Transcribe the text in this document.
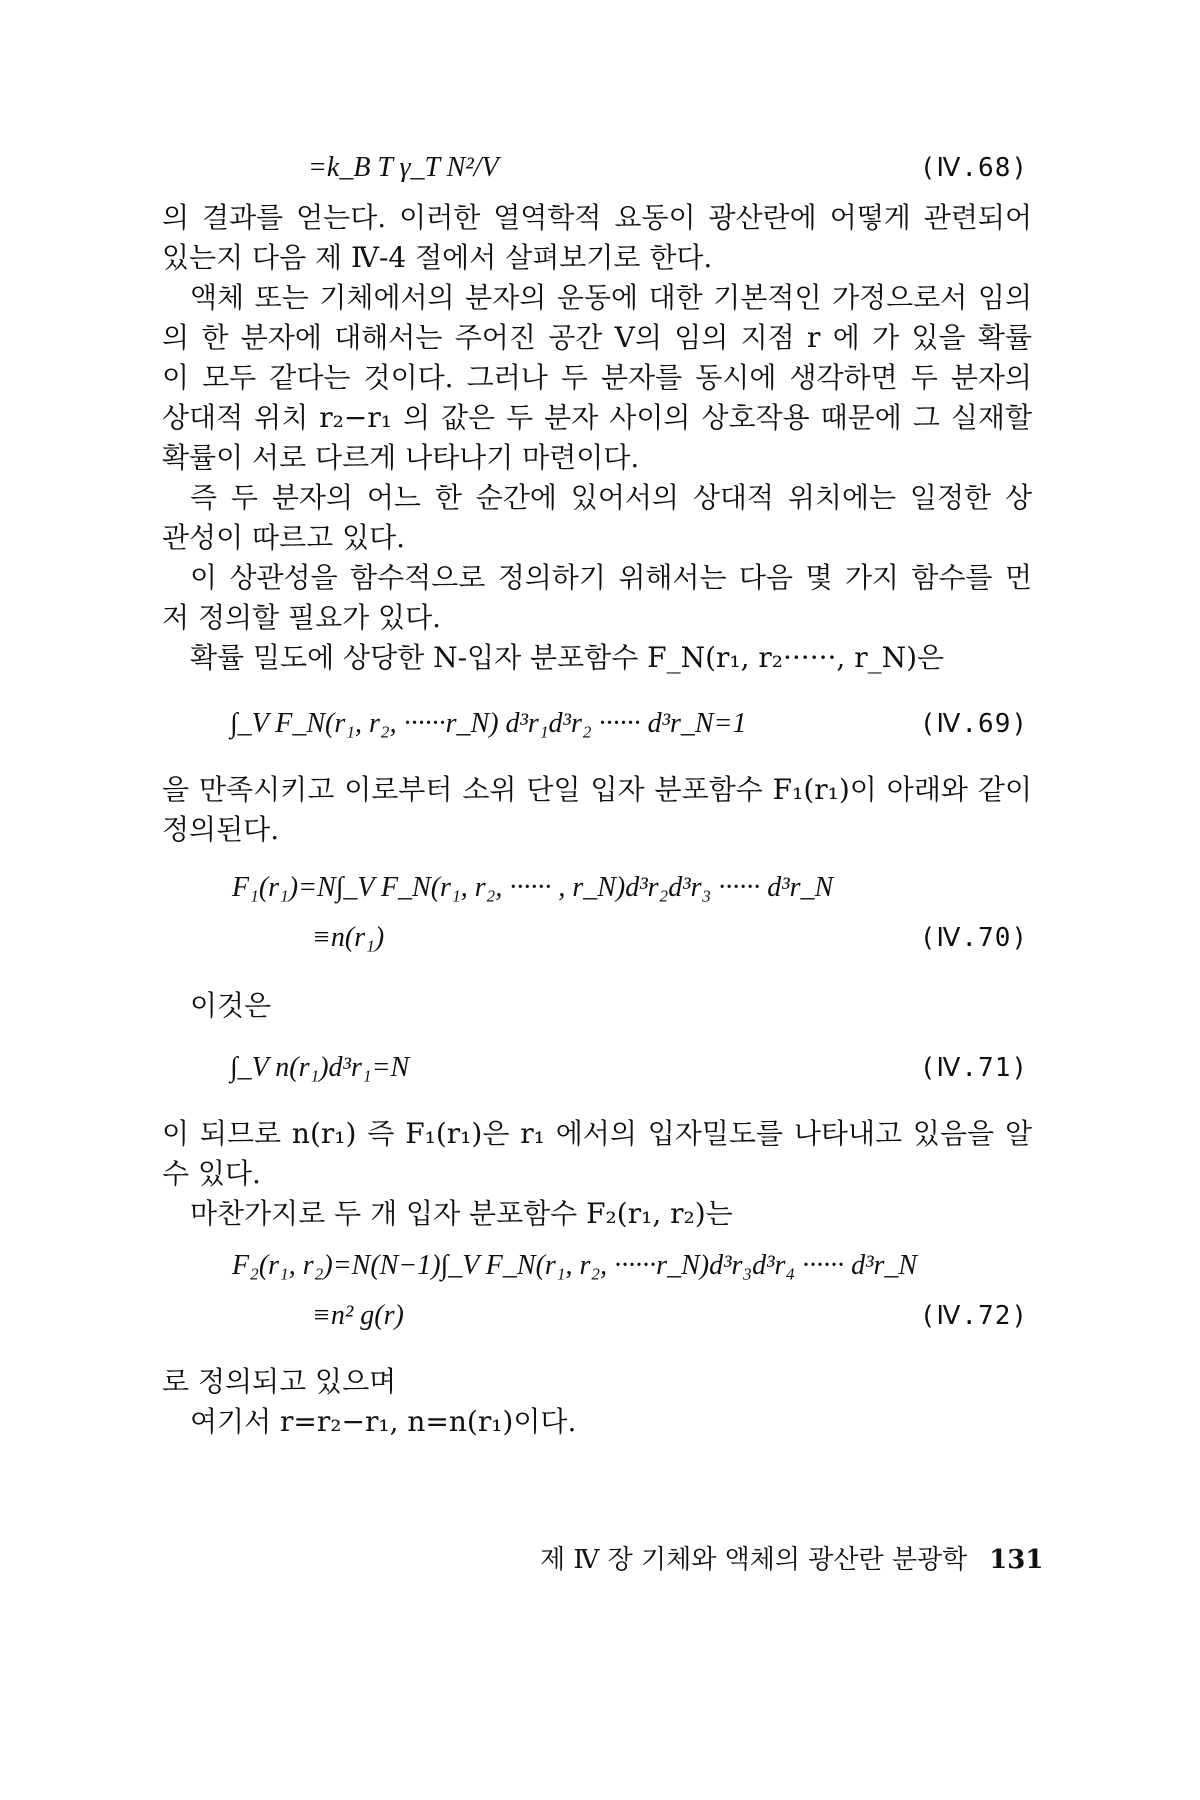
=k_B T γ_T N²/V	(Ⅳ.68)
의 결과를 얻는다. 이러한 열역학적 요동이 광산란에 어떻게 관련되어
있는지 다음 제 Ⅳ-4 절에서 살펴보기로 한다.
액체 또는 기체에서의 분자의 운동에 대한 기본적인 가정으로서 임의
의 한 분자에 대해서는 주어진 공간 V의 임의 지점 r 에 가 있을 확률
이 모두 같다는 것이다. 그러나 두 분자를 동시에 생각하면 두 분자의
상대적 위치 r₂−r₁ 의 값은 두 분자 사이의 상호작용 때문에 그 실재할
확률이 서로 다르게 나타나기 마련이다.
즉 두 분자의 어느 한 순간에 있어서의 상대적 위치에는 일정한 상
관성이 따르고 있다.
이 상관성을 함수적으로 정의하기 위해서는 다음 몇 가지 함수를 먼
저 정의할 필요가 있다.
확률 밀도에 상당한 N-입자 분포함수 F_N(r₁, r₂······, r_N)은
∫_V F_N(r₁, r₂, ······r_N) d³r₁d³r₂ ······ d³r_N=1	(Ⅳ.69)
을 만족시키고 이로부터 소위 단일 입자 분포함수 F₁(r₁)이 아래와 같이
정의된다.
F₁(r₁)=N∫_V F_N(r₁, r₂, ······ , r_N)d³r₂d³r₃ ······ d³r_N
≡n(r₁)	(Ⅳ.70)
이것은
∫_V n(r₁)d³r₁=N	(Ⅳ.71)
이 되므로 n(r₁) 즉 F₁(r₁)은 r₁ 에서의 입자밀도를 나타내고 있음을 알
수 있다.
마찬가지로 두 개 입자 분포함수 F₂(r₁, r₂)는
F₂(r₁, r₂)=N(N−1)∫_V F_N(r₁, r₂, ······r_N)d³r₃d³r₄ ······ d³r_N
≡n² g(r)	(Ⅳ.72)
로 정의되고 있으며
여기서 r=r₂−r₁, n=n(r₁)이다.
제 Ⅳ 장 기체와 액체의 광산란 분광학 131
